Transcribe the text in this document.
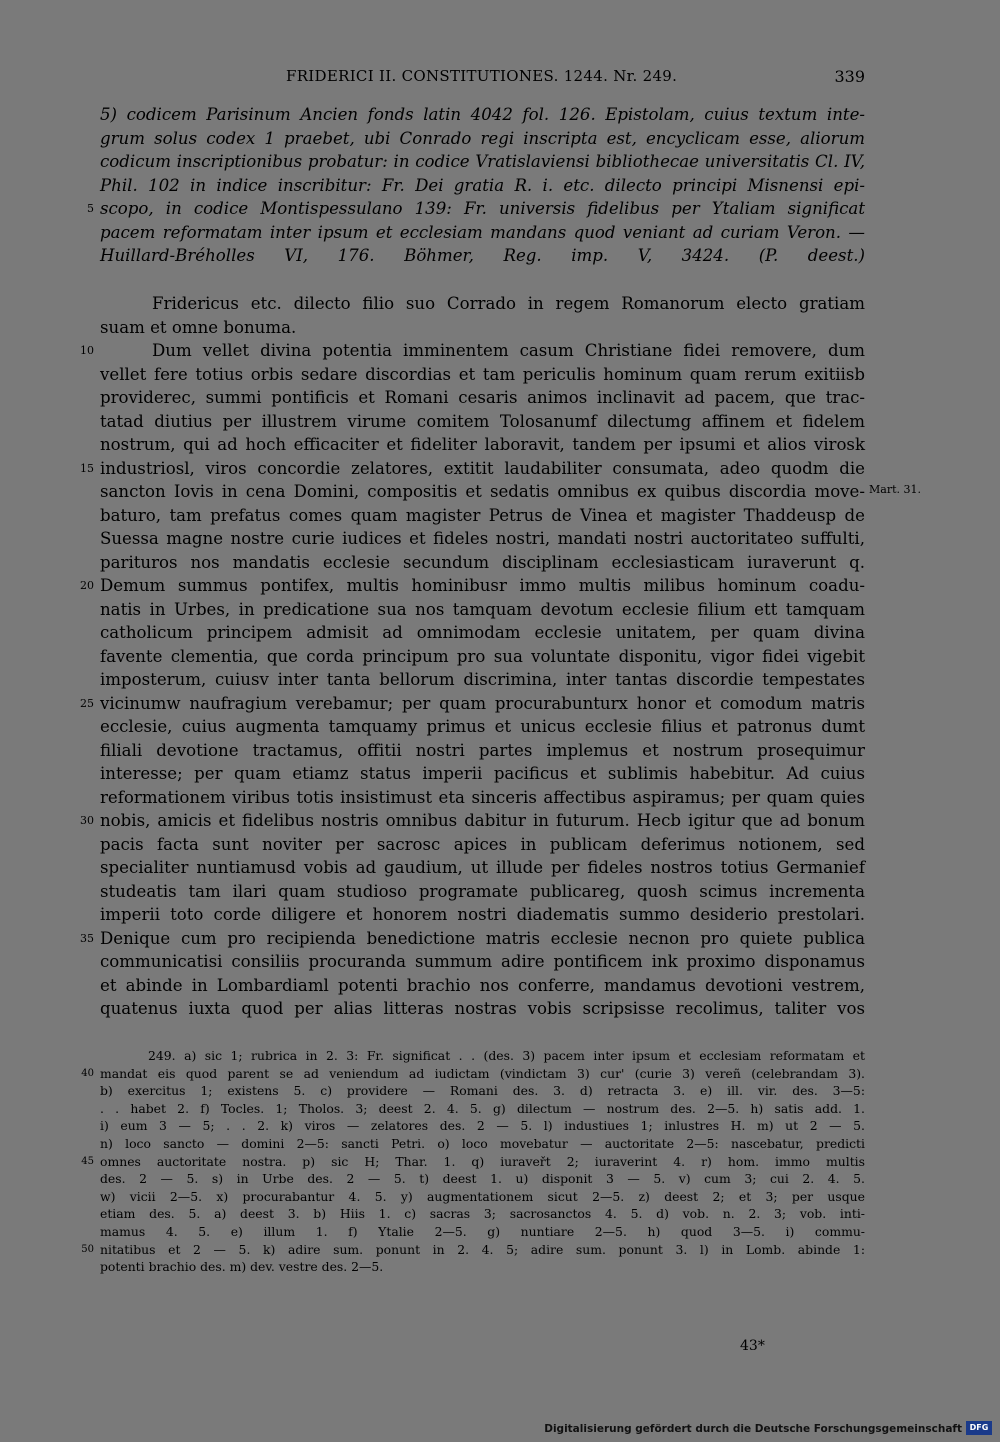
FRIDERICI II. CONSTITUTIONES. 1244. Nr. 249.	339
5) codicem Parisinum Ancien fonds latin 4042 fol. 126. Epistolam, cuius textum inte-
grum solus codex 1 praebet, ubi Conrado regi inscripta est, encyclicam esse, aliorum
codicum inscriptionibus probatur: in codice Vratislaviensi bibliothecae universitatis Cl. IV,
Phil. 102 in indice inscribitur: Fr. Dei gratia R. i. etc. dilecto principi Misnensi epi-
5 scopo, in codice Montispessulano 139: Fr. universis fidelibus per Ytaliam significat
pacem reformatam inter ipsum et ecclesiam mandans quod veniant ad curiam Veron. —
Huillard-Bréholles VI, 176. Böhmer, Reg. imp. V, 3424. (P. deest.)
Fridericus etc. dilecto filio suo Corrado in regem Romanorum electo gratiam
suam et omne bonuma.
10	Dum vellet divina potentia imminentem casum Christiane fidei removere, dum
vellet fere totius orbis sedare discordias et tam periculis hominum quam rerum exitiisb
providerec, summi pontificis et Romani cesaris animos inclinavit ad pacem, que trac-
tatad diutius per illustrem virume comitem Tolosanumf dilectumg affinem et fidelem
nostrum, qui ad hoch efficaciter et fideliter laboravit, tandem per ipsumi et alios virosk
15 industriosl, viros concordie zelatores, extitit laudabiliter consumata, adeo quodm die
sancton Iovis in cena Domini, compositis et sedatis omnibus ex quibus discordia move-
baturo, tam prefatus comes quam magister Petrus de Vinea et magister Thaddeusp de
Suessa magne nostre curie iudices et fideles nostri, mandati nostri auctoritateo suffulti,
parituros nos mandatis ecclesie secundum disciplinam ecclesiasticam iuraverunt q.
20 Demum summus pontifex, multis hominibusr immo multis milibus hominum coadu-
natis in Urbes, in predicatione sua nos tamquam devotum ecclesie filium ett tamquam
catholicum principem admisit ad omnimodam ecclesie unitatem, per quam divina
favente clementia, que corda principum pro sua voluntate disponitu, vigor fidei vigebit
imposterum, cuiusv inter tanta bellorum discrimina, inter tantas discordie tempestates
25 vicinumw naufragium verebamur; per quam procurabunturx honor et comodum matris
ecclesie, cuius augmenta tamquamy primus et unicus ecclesie filius et patronus dumt
filiali devotione tractamus, offitii nostri partes implemus et nostrum prosequimur
interesse; per quam etiamz status imperii pacificus et sublimis habebitur. Ad cuius
reformationem viribus totis insistimust eta sinceris affectibus aspiramus; per quam quies
30 nobis, amicis et fidelibus nostris omnibus dabitur in futurum. Hecb igitur que ad bonum
pacis facta sunt noviter per sacrosc apices in publicam deferimus notionem, sed
specialiter nuntiamusd vobis ad gaudium, ut illude per fideles nostros totius Germanief
studeatis tam ilari quam studioso programate publicareg, quosh scimus incrementa
imperii toto corde diligere et honorem nostri diadematis summo desiderio prestolari.
35 Denique cum pro recipienda benedictione matris ecclesie necnon pro quiete publica
communicatisi consiliis procuranda summum adire pontificem ink proximo disponamus
et abinde in Lombardiaml potenti brachio nos conferre, mandamus devotioni vestrem,
quatenus iuxta quod per alias litteras nostras vobis scripsisse recolimus, taliter vos
Mart. 31.
249. a) sic 1; rubrica in 2. 3: Fr. significat . . (des. 3) pacem inter ipsum et ecclesiam reformatam et
40 mandat eis quod parent se ad veniendum ad iudictam (vindictam 3) cur' (curie 3) vereñ (celebrandam 3).
b) exercitus 1; existens 5. c) providere — Romani des. 3. d) retracta 3. e) ill. vir. des. 3—5:
. . habet 2. f) Tocles. 1; Tholos. 3; deest 2. 4. 5. g) dilectum — nostrum des. 2—5. h) satis add. 1.
i) eum 3 — 5; . . 2. k) viros — zelatores des. 2 — 5. l) industiues 1; inlustres H. m) ut 2 — 5.
n) loco sancto — domini 2—5: sancti Petri. o) loco movebatur — auctoritate 2—5: nascebatur, predicti
45 omnes auctoritate nostra. p) sic H; Thar. 1. q) iuraveřt 2; iuraverint 4. r) hom. immo multis
des. 2 — 5. s) in Urbe des. 2 — 5. t) deest 1. u) disponit 3 — 5. v) cum 3; cui 2. 4. 5.
w) vicii 2—5. x) procurabantur 4. 5. y) augmentationem sicut 2—5. z) deest 2; et 3; per usque
etiam des. 5. a) deest 3. b) Hiis 1. c) sacras 3; sacrosanctos 4. 5. d) vob. n. 2. 3; vob. inti-
mamus 4. 5. e) illum 1. f) Ytalie 2—5. g) nuntiare 2—5. h) quod 3—5. i) commu-
50 nitatibus et 2 — 5. k) adire sum. ponunt in 2. 4. 5; adire sum. ponunt 3. l) in Lomb. abinde 1:
potenti brachio des. m) dev. vestre des. 2—5.
43*
Digitalisierung gefördert durch die Deutsche Forschungsgemeinschaft DFG
